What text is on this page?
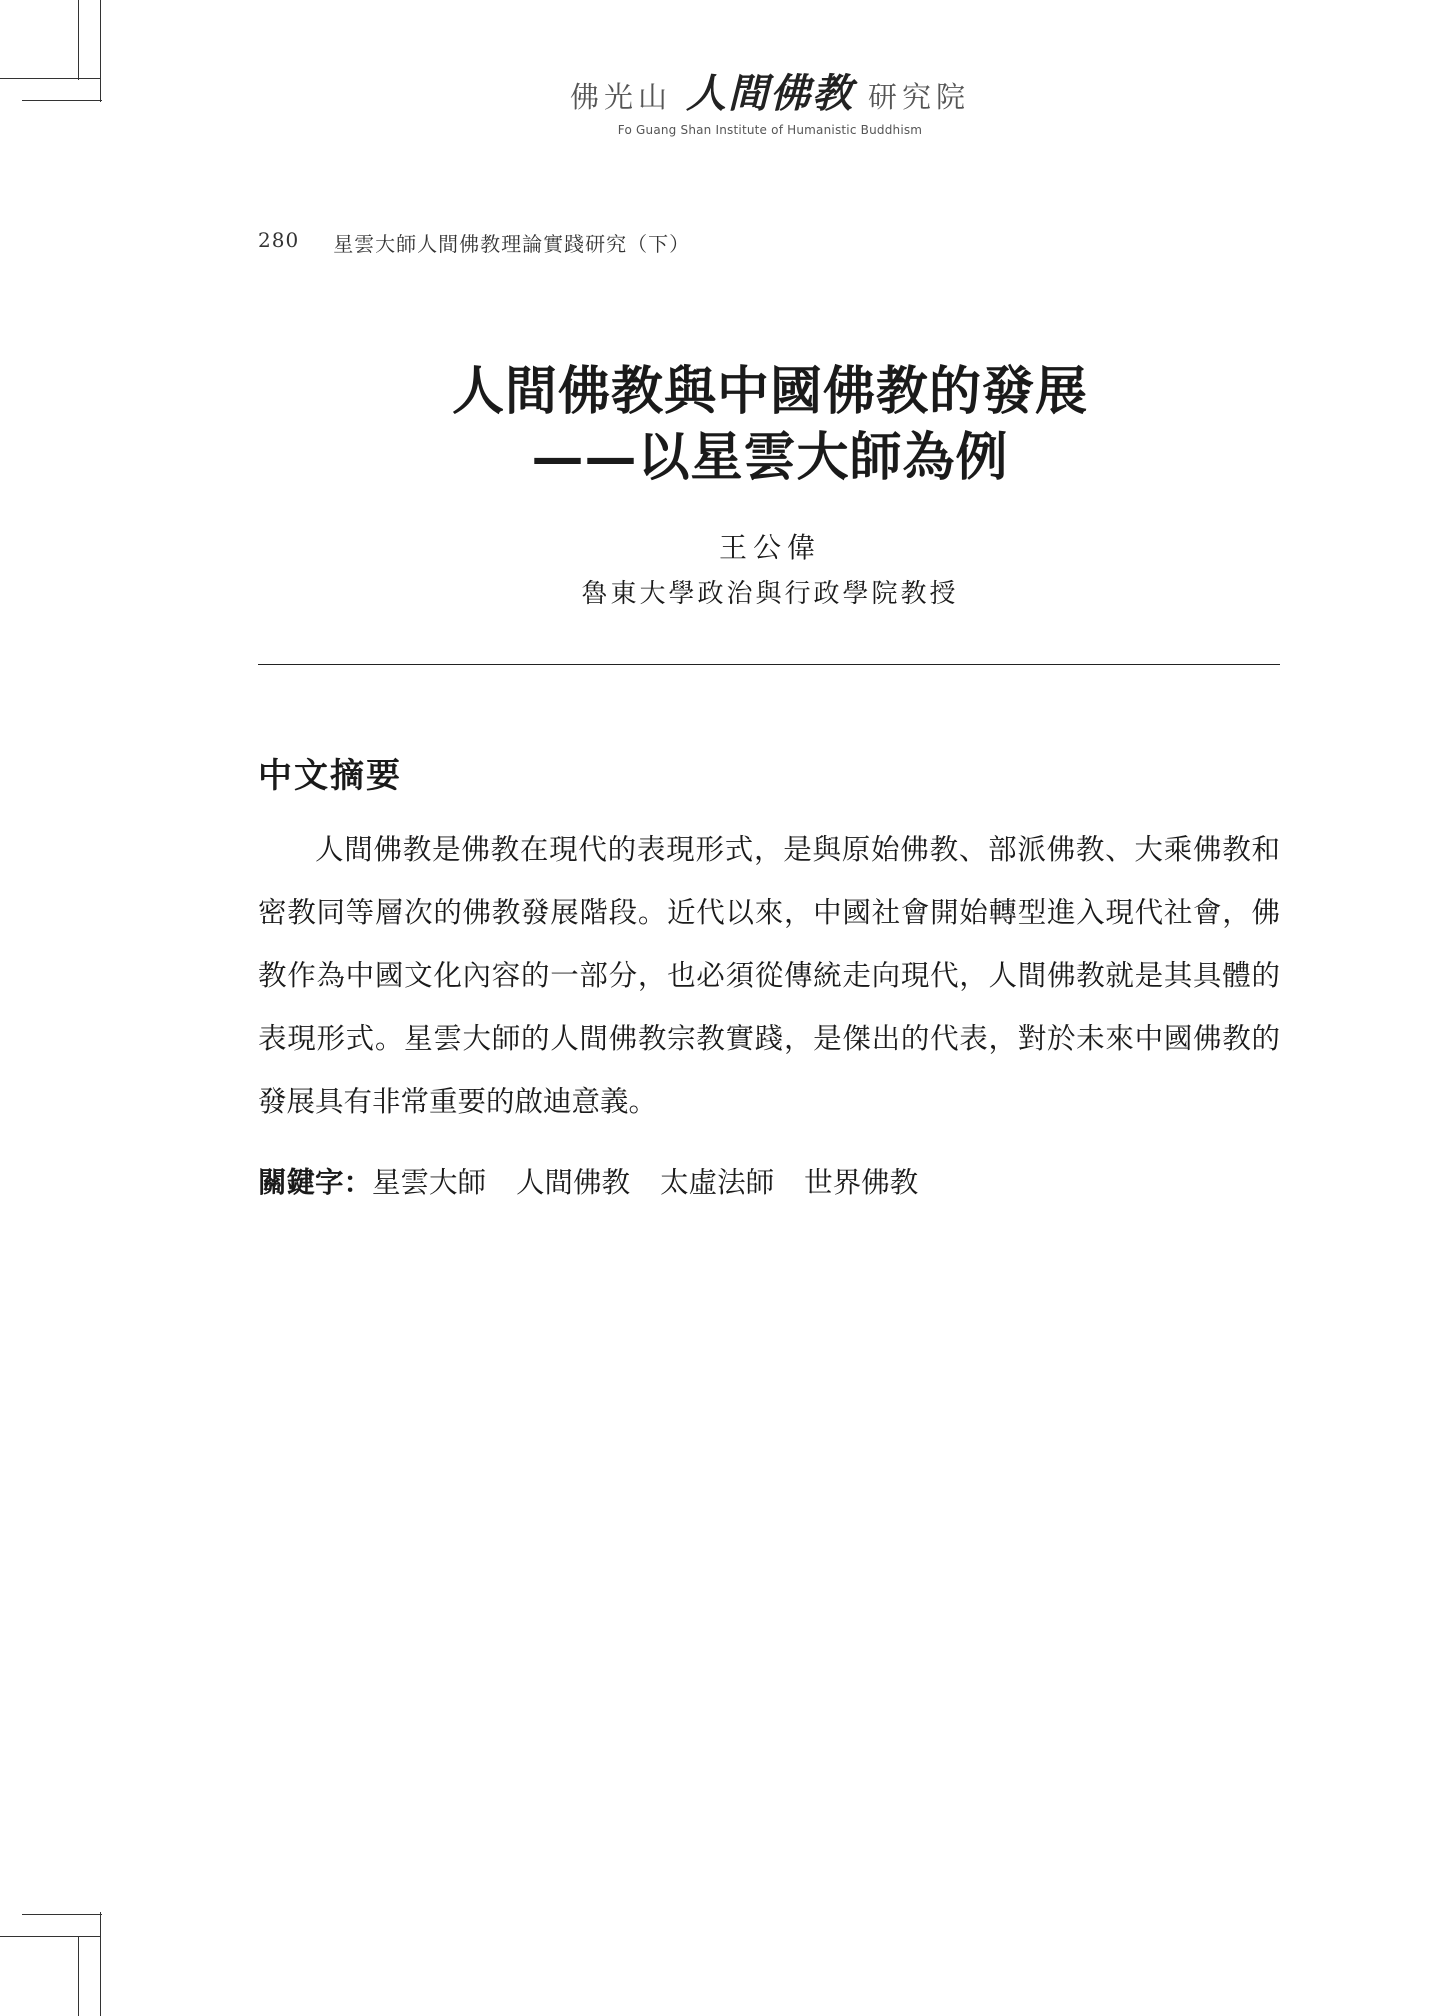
佛光山 人間佛教 研究院
Fo Guang Shan Institute of Humanistic Buddhism
280 星雲大師人間佛教理論實踐研究（下）
人間佛教與中國佛教的發展
——以星雲大師為例
王公偉
魯東大學政治與行政學院教授
中文摘要
人間佛教是佛教在現代的表現形式，是與原始佛教、部派佛教、大乘佛教和密教同等層次的佛教發展階段。近代以來，中國社會開始轉型進入現代社會，佛教作為中國文化內容的一部分，也必須從傳統走向現代，人間佛教就是其具體的表現形式。星雲大師的人間佛教宗教實踐，是傑出的代表，對於未來中國佛教的發展具有非常重要的啟迪意義。
關鍵字 ： 星雲大師 人間佛教 太虛法師 世界佛教
